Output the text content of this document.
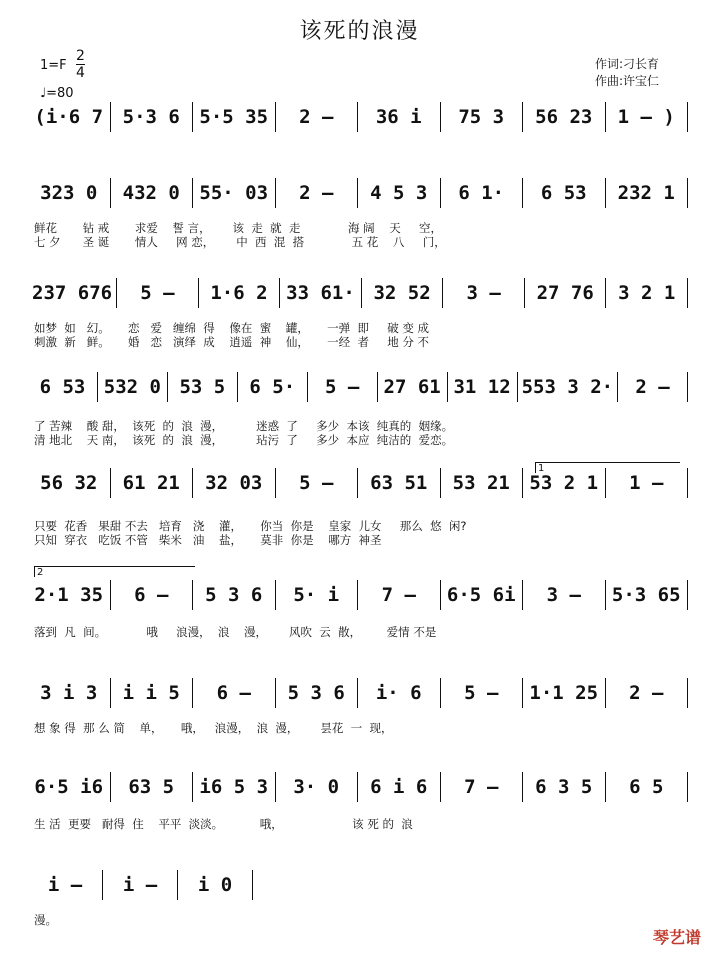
该死的浪漫
1=F
2
4
♩=80
作词:刁长育
作曲:许宝仁
(i·6 7	5·3 6	5·5 35	2 –	36 i	75 3	56 23	1 – )
323 0	432 0	55· 03	2 –	4 5 3	6 1·	6 53	232 1
237 676	5 –	1·6 2 33 61· 32 52	3 –	27 76	3 2 1
6 53 532 0 53 5	6 5·	5 –	27 61 31 12 553 3 2·	2 –
56 32	61 21	32 03	5 –	63 51	53 21	53 2 1	1 –
2·1 35	6 –	5 3 6	5· i	7 –	6·5 6i	3 –	5·3 65
3 i 3	i i 5	6 –	5 3 6	i· 6	5 –	1·1 25	2 –
6·5 i6	63 5	i6 5 3	3· 0	6 i 6	7 –	6 3 5	6 5
i –	i –	i 0
鲜花       钻 戒       求爱    誓 言，      该  走  就  走             海 阔    天     空，
七 夕      圣 诞       情人     网 恋，      中  西  混  搭             五 花    八     门，
如梦  如   幻。     恋   爱   缠绵  得    像在  蜜    罐，     一弹  即     破 变 成
刺激  新   鲜。     婚   恋   演绎  成    逍遥  神    仙，     一经  者     地 分 不
了 苦辣    酸 甜，  该死  的  浪  漫，         迷惑  了     多少  本该  纯真的  姻缘。
清 地北    天 南，  该死  的  浪  漫，         玷污  了     多少  本应  纯洁的  爱恋。
只要  花香   果甜 不去   培育   浇    灌，     你当  你是    皇家  儿女     那么  悠  闲?
只知  穿衣   吃饭 不管   柴米   油    盐，     莫非  你是    哪方  神圣
落到  凡  间。           哦     浪漫，  浪    漫，      风吹  云  散，       爱情 不是
想 象 得  那 么 简    单，     哦，   浪漫，  浪  漫，      昙花  一  现，
生 活  更要   耐得  住    平平  淡淡。          哦，                   该 死 的  浪
漫。
1
2
琴艺谱
